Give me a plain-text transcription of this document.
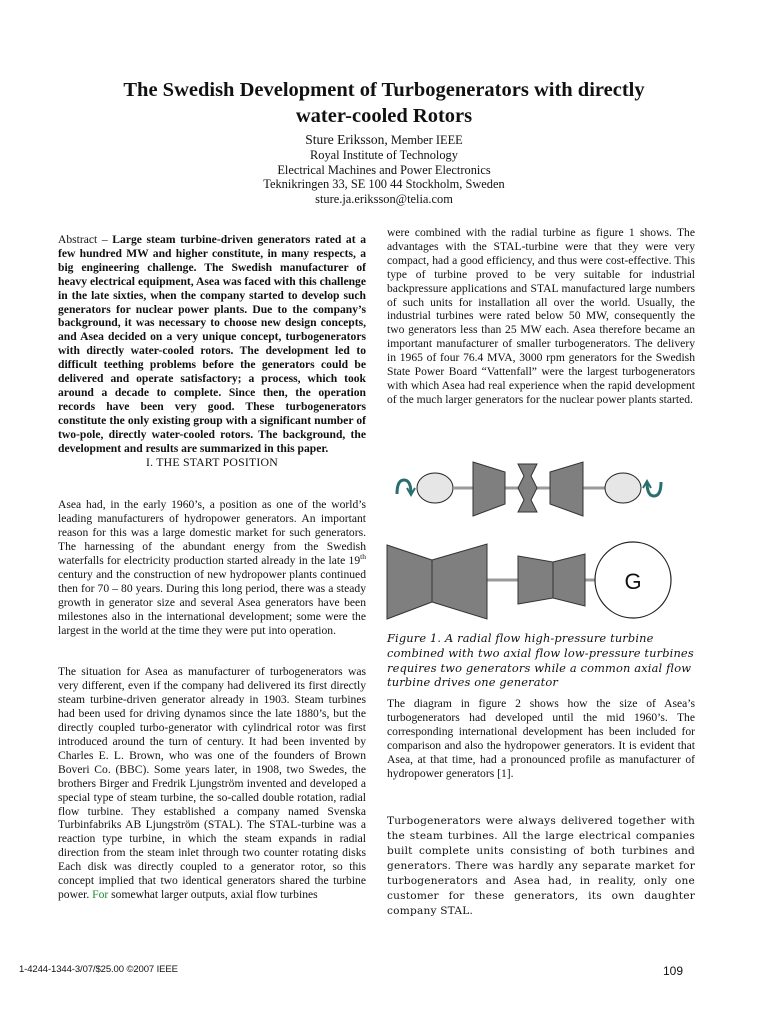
The Swedish Development of Turbogenerators with directly
water-cooled Rotors
Sture Eriksson, Member IEEE
Royal Institute of Technology
Electrical Machines and Power Electronics
Teknikringen 33, SE 100 44 Stockholm, Sweden
sture.ja.eriksson@telia.com

Abstract – Large steam turbine-driven generators rated at a few hundred MW and higher constitute, in many respects, a big engineering challenge. The Swedish manufacturer of heavy electrical equipment, Asea was faced with this challenge in the late sixties, when the company started to develop such generators for nuclear power plants. Due to the company’s background, it was necessary to choose new design concepts, and Asea decided on a very unique concept, turbogenerators with directly water-cooled rotors. The development led to difficult teething problems before the generators could be delivered and operate satisfactory; a process, which took around a decade to complete. Since then, the operation records have been very good. These turbogenerators constitute the only existing group with a significant number of two-pole, directly water-cooled rotors. The background, the development and results are summarized in this paper.

I. THE START POSITION

Asea had, in the early 1960’s, a position as one of the world’s leading manufacturers of hydropower generators. An important reason for this was a large domestic market for such generators. The harnessing of the abundant energy from the Swedish waterfalls for electricity production started already in the late 19th century and the construction of new hydropower plants continued then for 70 – 80 years. During this long period, there was a steady growth in generator size and several Asea generators have been milestones also in the international development; some were the largest in the world at the time they were put into operation.

The situation for Asea as manufacturer of turbogenerators was very different, even if the company had delivered its first directly steam turbine-driven generator already in 1903. Steam turbines had been used for driving dynamos since the late 1880’s, but the directly coupled turbo-generator with cylindrical rotor was first introduced around the turn of century. It had been invented by Charles E. L. Brown, who was one of the founders of Brown Boveri Co. (BBC). Some years later, in 1908, two Swedes, the brothers Birger and Fredrik Ljungström invented and developed a special type of steam turbine, the so-called double rotation, radial flow turbine. They established a company named Svenska Turbinfabriks AB Ljungström (STAL). The STAL-turbine was a reaction type turbine, in which the steam expands in radial direction from the steam inlet through two counter rotating disks Each disk was directly coupled to a generator rotor, so this concept implied that two identical generators shared the turbine power. For somewhat larger outputs, axial flow turbines

were combined with the radial turbine as figure 1 shows. The advantages with the STAL-turbine were that they were very compact, had a good efficiency, and thus were cost-effective. This type of turbine proved to be very suitable for industrial backpressure applications and STAL manufactured large numbers of such units for installation all over the world. Usually, the industrial turbines were rated below 50 MW, consequently the two generators less than 25 MW each. Asea therefore became an important manufacturer of smaller turbogenerators. The delivery in 1965 of four 76.4 MVA, 3000 rpm generators for the Swedish State Power Board “Vattenfall” were the largest turbogenerators with which Asea had real experience when the rapid development of the much larger generators for the nuclear power plants started.

G
Figure 1. A radial flow high-pressure turbine combined with two axial flow low-pressure turbines requires two generators while a common axial flow turbine drives one generator
The diagram in figure 2 shows how the size of Asea’s turbogenerators had developed until the mid 1960’s. The corresponding international development has been included for comparison and also the hydropower generators. It is evident that Asea, at that time, had a pronounced profile as manufacturer of hydropower generators [1].
Turbogenerators were always delivered together with the steam turbines. All the large electrical companies built complete units consisting of both turbines and generators. There was hardly any separate market for turbogenerators and Asea had, in reality, only one customer for these generators, its own daughter company STAL.
1-4244-1344-3/07/$25.00 ©2007 IEEE	109
